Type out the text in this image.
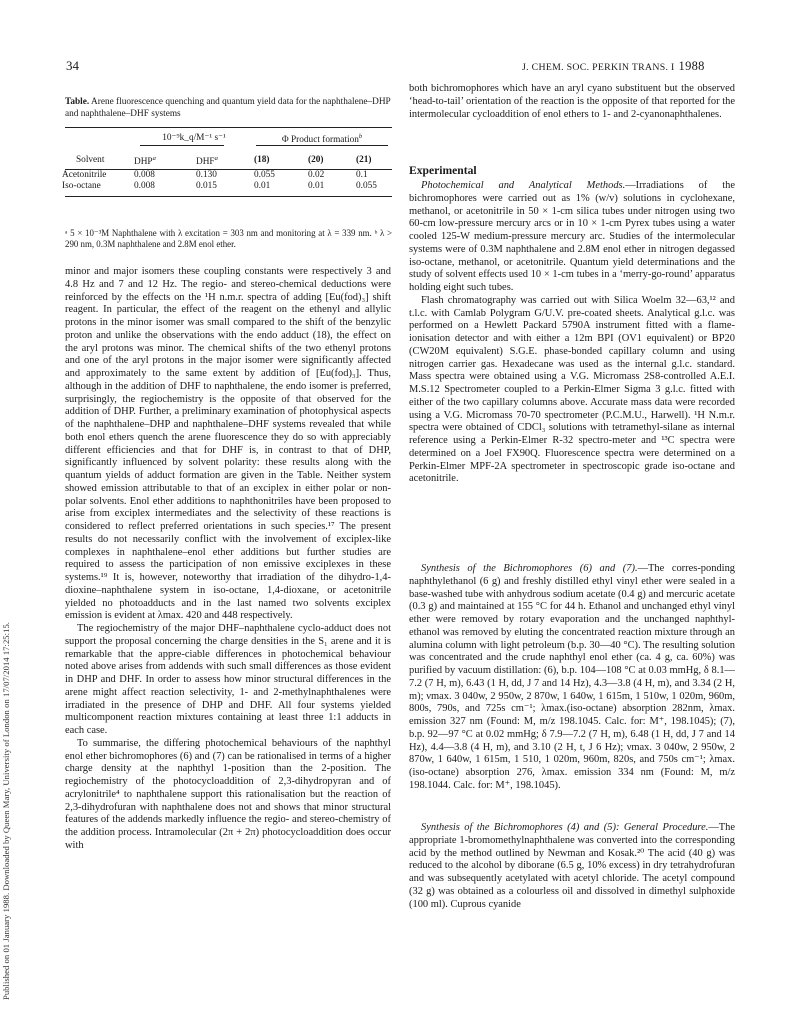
Published on 01 January 1988. Downloaded by Queen Mary, University of London on 17/07/2014 17:25:15.
34	J. CHEM. SOC. PERKIN TRANS. I 1988
Table. Arene fluorescence quenching and quantum yield data for the naphthalene–DHP and naphthalene–DHF systems
	10⁻⁹k_q/M⁻¹ s⁻¹		Φ Product formation$^b$

Solvent	DHP$^a$	DHF$^a$	(18)	(20)	(21)

Acetonitrile	0.008	0.130	0.055	0.02	0.1
Iso-octane	0.008	0.015	0.01	0.01	0.055
ᵃ 5 × 10⁻³M Naphthalene with λ excitation = 303 nm and monitoring at λ = 339 nm. ᵇ λ > 290 nm, 0.3M naphthalene and 2.8M enol ether.

minor and major isomers these coupling constants were respectively 3 and 4.8 Hz and 7 and 12 Hz. The regio- and stereo-chemical deductions were reinforced by the effects on the ¹H n.m.r. spectra of adding [Eu(fod)₃] shift reagent. In particular, the effect of the reagent on the ethenyl and allylic protons in the minor isomer was small compared to the shift of the benzylic proton and unlike the observations with the endo adduct (18), the effect on the aryl protons was minor. The chemical shifts of the two ethenyl protons and one of the aryl protons in the major isomer were significantly affected and approximately to the same extent by addition of [Eu(fod)₃]. Thus, although in the addition of DHF to naphthalene, the endo isomer is preferred, surprisingly, the regiochemistry is the opposite of that observed for the addition of DHP. Further, a preliminary examination of photophysical aspects of the naphthalene–DHP and naphthalene–DHF systems revealed that while both enol ethers quench the arene fluorescence they do so with appreciably different efficiencies and that for DHF is, in contrast to that of DHP, significantly influenced by solvent polarity: these results along with the quantum yields of adduct formation are given in the Table. Neither system showed emission attributable to that of an exciplex in either polar or non-polar solvents. Enol ether additions to naphthonitriles have been proposed to arise from exciplex intermediates and the selectivity of these reactions is considered to reflect preferred orientations in such species.¹⁷ The present results do not necessarily conflict with the involvement of exciplex-like complexes in naphthalene–enol ether additions but further studies are required to assess the participation of non emissive exciplexes in these systems.¹⁹ It is, however, noteworthy that irradiation of the dihydro-1,4-dioxine–naphthalene system in iso-octane, 1,4-dioxane, or acetonitrile yielded no photoadducts and in the last named two solvents exciplex emission is evident at λmax. 420 and 448 respectively.

The regiochemistry of the major DHF–naphthalene cyclo-adduct does not support the proposal concerning the charge densities in the S₁ arene and it is remarkable that the appre-ciable differences in photochemical behaviour noted above arises from addends with such small differences as those evident in DHP and DHF. In order to assess how minor structural differences in the arene might affect reaction selectivity, 1- and 2-methylnaphthalenes were irradiated in the presence of DHP and DHF. All four systems yielded multicomponent reaction mixtures containing at least three 1:1 adducts in each case.

To summarise, the differing photochemical behaviours of the naphthyl enol ether bichromophores (6) and (7) can be rationalised in terms of a higher charge density at the naphthyl 1-position than the 2-position. The regiochemistry of the photocycloaddition of 2,3-dihydropyran and of acrylonitrile⁴ to naphthalene support this rationalisation but the reaction of 2,3-dihydrofuran with naphthalene does not and shows that minor structural features of the addends markedly influence the regio- and stereo-chemistry of the addition process. Intramolecular (2π + 2π) photocycloaddition does occur with

both bichromophores which have an aryl cyano substituent but the observed ‘head-to-tail’ orientation of the reaction is the opposite of that reported for the intermolecular cycloaddition of enol ethers to 1- and 2-cyanonaphthalenes.

Experimental

Photochemical and Analytical Methods.—Irradiations of the bichromophores were carried out as 1% (w/v) solutions in cyclohexane, methanol, or acetonitrile in 50 × 1-cm silica tubes under nitrogen using two 60-cm low-pressure mercury arcs or in 10 × 1-cm Pyrex tubes using a water cooled 125-W medium-pressure mercury arc. Studies of the intermolecular systems were of 0.3M naphthalene and 2.8M enol ether in nitrogen degassed iso-octane, methanol, or acetonitrile. Quantum yield determinations and the study of solvent effects used 10 × 1-cm tubes in a ‘merry-go-round’ apparatus holding eight such tubes.

Flash chromatography was carried out with Silica Woelm 32—63,¹² and t.l.c. with Camlab Polygram G/U.V. pre-coated sheets. Analytical g.l.c. was performed on a Hewlett Packard 5790A instrument fitted with a flame-ionisation detector and with either a 12m BPI (OV1 equivalent) or BP20 (CW20M equivalent) S.G.E. phase-bonded capillary column and using nitrogen carrier gas. Hexadecane was used as the internal g.l.c. standard. Mass spectra were obtained using a V.G. Micromass 2S8-controlled A.E.I. M.S.12 Spectrometer coupled to a Perkin-Elmer Sigma 3 g.l.c. fitted with either of the two capillary columns above. Accurate mass data were recorded using a V.G. Micromass 70-70 spectrometer (P.C.M.U., Harwell). ¹H N.m.r. spectra were obtained of CDCl₃ solutions with tetramethyl-silane as internal reference using a Perkin-Elmer R-32 spectro-meter and ¹³C spectra were determined on a Joel FX90Q. Fluorescence spectra were determined on a Perkin-Elmer MPF-2A spectrometer in spectroscopic grade iso-octane and acetonitrile.

Synthesis of the Bichromophores (6) and (7).—The corres-ponding naphthylethanol (6 g) and freshly distilled ethyl vinyl ether were sealed in a base-washed tube with anhydrous sodium acetate (0.4 g) and mercuric acetate (0.3 g) and maintained at 155 °C for 44 h. Ethanol and unchanged ethyl vinyl ether were removed by rotary evaporation and the unchanged naphthyl-ethanol was removed by eluting the concentrated reaction mixture through an alumina column with light petroleum (b.p. 30—40 °C). The resulting solution was concentrated and the crude naphthyl enol ether (ca. 4 g, ca. 60%) was purified by vacuum distillation: (6), b.p. 104—108 °C at 0.03 mmHg, δ 8.1—7.2 (7 H, m), 6.43 (1 H, dd, J 7 and 14 Hz), 4.3—3.8 (4 H, m), and 3.34 (2 H, m); νmax. 3 040w, 2 950w, 2 870w, 1 640w, 1 615m, 1 510w, 1 020m, 960m, 800s, 790s, and 725s cm⁻¹; λmax.(iso-octane) absorption 282nm, λmax. emission 327 nm (Found: M, m/z 198.1045. Calc. for: M⁺, 198.1045); (7), b.p. 92—97 °C at 0.02 mmHg; δ 7.9—7.2 (7 H, m), 6.48 (1 H, dd, J 7 and 14 Hz), 4.4—3.8 (4 H, m), and 3.10 (2 H, t, J 6 Hz); νmax. 3 040w, 2 950w, 2 870w, 1 640w, 1 615m, 1 510, 1 020m, 960m, 820s, and 750s cm⁻¹; λmax.(iso-octane) absorption 276, λmax. emission 334 nm (Found: M, m/z 198.1044. Calc. for: M⁺, 198.1045).

Synthesis of the Bichromophores (4) and (5): General Procedure.—The appropriate 1-bromomethylnaphthalene was converted into the corresponding acid by the method outlined by Newman and Kosak.²⁰ The acid (40 g) was reduced to the alcohol by diborane (6.5 g, 10% excess) in dry tetrahydrofuran and was subsequently acetylated with acetyl chloride. The acetyl compound (32 g) was obtained as a colourless oil and dissolved in dimethyl sulphoxide (100 ml). Cuprous cyanide
